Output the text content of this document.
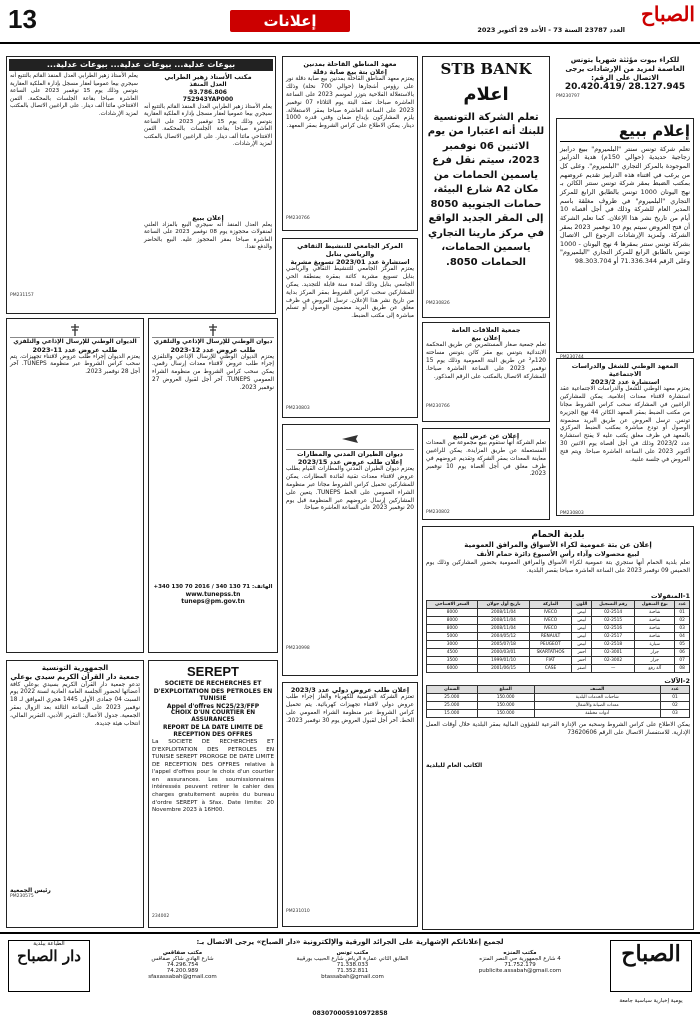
13	إعلانات	العدد 23787 السنة 73 - الأحد 29 أكتوبر 2023
الصباح
للكراء بيوت مؤثثة شهريا بتونس
العاصمة لمزيد من الإرشادات يرجى
الاتصال على الرقم:
20.420.419/ 28.127.945
PM230797
إعلام ببيع
تعلم شركة تونس سنتر "البلميروم" ببيع درابيز زجاجية حديدية (حوالي 150م) هدية الدرابيز الموجودة بالمركز التجاري "البلميروم". وعلى كل من يرغب في اقتناء هذه الدرابيز تقديم عروضهم بمكتب الضبط بمقر شركة تونس سنتر الكائن بـ نهج اليونان 1000 تونس بالطابق الرابع للمركز التجاري "البلميروم" في ظروف مغلقة باسم المدير العام للشركة وذلك في أجل أقصاه 10 أيام من تاريخ نشر هذا الإعلان. كما تعلم الشركة أن فتح العروض سيتم يوم 10 نوفمبر 2023 بمقر الشركة. ولمزيد الإرشادات الرجوع الى الاتصال بشركة تونس سنتر بمقرها 4 نهج اليونان - 1000 تونس بالطابق الرابع للمركز التجاري "البلميروم" وعلى الرقم 71.336.344 أو 98.303.704
المعهد الوطني للشغل والدراسات الاجتماعية
استشارة عدد 2023/2
يعتزم معهد الوطني للشغل والدراسات الاجتماعية عقد استشارة لاقتناء معدات إعلامية. يمكن للمشاركين الراغبين في المشاركة سحب كراس الشروط مجانا من مكتب الضبط بمقر المعهد الكائن 44 نهج الجزيرة تونس. ترسل العروض عن طريق البريد مضمونة الوصول أو تودع مباشرة بمكتب الضبط المركزي بالمعهد في ظرف مغلق يكتب عليه لا يفتح استشارة عدد 2023/2 وذلك في أجل أقصاه يوم الاثنين 30 أكتوبر 2023 على الساعة العاشرة صباحا. ويتم فتح العروض في جلسة علنية.
PM230803
STB BANK
اعلام
تعلم الشركة التونسية للبنك أنه اعتبارا من يوم الاثنين 06 نوفمبر 2023، سيتم نقل فرع ياسمين الحمامات من مكان A2 شارع البيئة، حمامات الجنوبية 8050 إلى المقر الجديد الواقع في مركز مارينا التجاري ياسمين الحمامات، الحمامات 8050.
PM230826
معهد المناطق القاحلة بمدنين
إعلان بتة بيع صابة دقلة
يعتزم معهد المناطق القاحلة بمدنين بيع صابة دقلة نور على رؤوس أشجارها (حوالي 700 نخلة) وذلك بالاستغلالة الفلاحية بتوزر لموسم 2023 على الساعة العاشرة صباحا. تعقد البتة يوم الثلاثاء 07 نوفمبر 2023 على الساعة العاشرة صباحا بمقر الاستغلالة. يلزم المشاركون بإيداع ضمان وقتي قدره 1000 دينار. يمكن الاطلاع على كراس الشروط بمقر المعهد.
PM230766
المركز الجامعي للتنشيط الثقافي والرياضي بنابل
استشارة عدد 2023/01 تسويغ مشربة
يعتزم المركز الجامعي للتنشيط الثقافي والرياضي بنابل تسويغ مشربة كائنة بمقره بمنطقة الحي الجامعي بنابل وذلك لمدة سنة قابلة للتجديد. يمكن للمشاركين سحب كراس الشروط بمقر المركز بداية من تاريخ نشر هذا الإعلان. ترسل العروض في ظرف مغلق عن طريق البريد مضمون الوصول أو تسلم مباشرة إلى مكتب الضبط.
PM230803
جمعية العلاقات العامة
إعلان بيع
تعلم جمعية صغار المستثمرين عن طريق المحكمة الابتدائية بتونس بيع مقر كائن بتونس مساحته 120م² عن طريق البتة العمومية وذلك يوم 15 نوفمبر 2023 على الساعة العاشرة صباحا. للمشاركة الاتصال بالمكتب على الرقم المذكور.
PM230766
إعلان عن عرض للبيع
تعلم الشركة أنها ستقوم ببيع مجموعة من المعدات المستعملة عن طريق المزايدة. يمكن للراغبين معاينة المعدات بمقر الشركة وتقديم عروضهم في ظرف مغلق في أجل أقصاه يوم 10 نوفمبر 2023.
PM230802
ديوان الطيران المدني والمطارات
إعلان طلب عروض عدد 2023/15
يعتزم ديوان الطيران المدني والمطارات القيام بطلب عروض لاقتناء معدات تقنية لفائدة المطارات. يمكن للمشاركين تحميل كراس الشروط مجانا عبر منظومة الشراء العمومي على الخط TUNEPS. يتعين على المشاركين إرسال عروضهم عبر المنظومة قبل يوم 20 نوفمبر 2023 على الساعة العاشرة صباحا.
PM230998
إعلان طلب عروض دولي عدد 2023/3
تعتزم الشركة التونسية للكهرباء والغاز إجراء طلب عروض دولي لاقتناء تجهيزات كهربائية. يتم تحميل كراس الشروط عبر منظومة الشراء العمومي على الخط. آخر أجل لقبول العروض يوم 30 نوفمبر 2023.
PM231010
بلدية الحمام
إعلان عن بتة عمومية لكراء الأسواق والمرافق العمومية
لبيع محصولات وآداء رأس الأسبوع دائرة حمام الأنف
تعلم بلدية الحمام أنها ستجري بتة عمومية لكراء الأسواق والمرافق العمومية بحضور المشاركين وذلك يوم الخميس 09 نوفمبر 2023 على الساعة العاشرة صباحا بقصر البلدية.
1-المنقولات
عدد	نوع المنقول	رقم التسجيل	اللون	الماركة	تاريخ أول جولان	السعر الافتتاحي
01	شاحنة	02-2514	أبيض	IVECO	2008/11/04	8000
02	شاحنة	02-2515	أبيض	IVECO	2008/11/04	8000
03	شاحنة	02-2516	أبيض	IVECO	2008/11/04	8000
04	شاحنة	02-2517	أبيض	RENAULT	2004/05/12	5000
05	سيارة	02-2518	أبيض	PEUGEOT	2005/07/18	3000
06	جرار	02-3001	أحمر	SKARTATHOS	2000/03/01	4500
07	جرار	02-3002	أحمر	FIAT	1999/01/10	3500
08	آلة رفع	—	أصفر	CASE	2001/06/15	6000
2-الآلات
عدد	الصنف	المبلغ	الضمان
01	شاحنات الخدمات البلدية	150.000	25.000
02	معدات الصيانة والأشغال	150.000	25.000
03	أدوات مختلفة	150.000	15.000
يمكن الاطلاع على كراس الشروط وسحبه من الإدارة الفرعية للشؤون المالية بمقر البلدية خلال أوقات العمل الإدارية. للاستفسار الاتصال على الرقم 73620606
الكاتب العام للبلدية
ديوان الوطني للإرسال الإذاعي والتلفزي
طلب عروض عدد 12-2023
يعتزم الديوان الوطني للإرسال الإذاعي والتلفزي إجراء طلب عروض لاقتناء معدات إرسال رقمي. يمكن سحب كراس الشروط من منظومة الشراء العمومي TUNEPS. آخر أجل لقبول العروض 27 نوفمبر 2023.
الهاتف: 71 130 340 / 2016 70 130 340+
www.tunepss.tn
tuneps@pm.gov.tn
SEREPT
SOCIETE DE RECHERCHES ET D'EXPLOITATION DES PETROLES EN TUNISIE
Appel d'offres NC25/23/FFP
CHOIX D'UN COURTIER EN ASSURANCES
REPORT DE LA DATE LIMITE DE RECEPTION DES OFFRES
La SOCIETE DE RECHERCHES ET D'EXPLOITATION DES PETROLES EN TUNISIE SEREPT PROROGE DE DATE LIMITE DE RECEPTION DES OFFRES relative à l'appel d'offres pour le choix d'un courtier en assurances. Les soumissionnaires intéressés peuvent retirer le cahier des charges gratuitement auprès du bureau d'ordre SEREPT à Sfax. Date limite: 20 Novembre 2023 à 16H00.
234002
بيوعات عدلية... بيوعات عدلية... بيوعات عدلية...
مكتب الأستاذ زهير الطرابي
العدل المنفذ
93.786.806
752943YAP000
يعلم الأستاذ زهير الطرابي العدل المنفذ القائم بالتتبع أنه سيجري بيعا عموميا لعقار مسجل بإدارة الملكية العقارية بتونس وذلك يوم 15 نوفمبر 2023 على الساعة العاشرة صباحا بقاعة الجلسات بالمحكمة. الثمن الافتتاحي مائتا ألف دينار. على الراغبين الاتصال بالمكتب لمزيد الإرشادات.
إعلان ببيع
يعلم العدل المنفذ أنه سيجري البيع بالمزاد العلني لمنقولات محجوزة يوم 08 نوفمبر 2023 على الساعة العاشرة صباحا بمقر المحجوز عليه. البيع بالحاضر والدفع نقدا.
يعلم الأستاذ زهير الطرابي العدل المنفذ القائم بالتتبع أنه سيجري بيعا عموميا لعقار مسجل بإدارة الملكية العقارية بتونس وذلك يوم 15 نوفمبر 2023 على الساعة العاشرة صباحا بقاعة الجلسات بالمحكمة. الثمن الافتتاحي مائتا ألف دينار. على الراغبين الاتصال بالمكتب لمزيد الإرشادات.
PM231157
الديوان الوطني للإرسال الإذاعي والتلفزي
طلب عروض عدد 11-2023
يعتزم الديوان إجراء طلب عروض لاقتناء تجهيزات. يتم سحب كراس الشروط عبر منظومة TUNEPS. آخر أجل 28 نوفمبر 2023.
الجمهورية التونسية
جمعية دار القرآن الكريم سيدي بوعلي
تدعو جمعية دار القرآن الكريم بسيدي بوعلي كافة أعضائها لحضور الجلسة العامة العادية لسنة 2022 يوم السبت 04 جمادى الأولى 1445 هجري الموافق لـ 18 نوفمبر 2023 على الساعة الثالثة بعد الزوال بمقر الجمعية. جدول الأعمال: التقرير الأدبي، التقرير المالي، انتخاب هيئة جديدة.
رئيس الجمعية
PM230575
الصباح
يومية إخبارية سياسية جامعة
لجميع إعلاناتكم الإشهارية على الجرائد الورقية والإلكترونية «دار الصباح» يرجى الاتصال بـ:
مكتب المنزه
4 شارع الجمهورية حي النصر المنزه
71.752.179
publicite.assabah@gmail.com
مكتب تونس
الطابق الثاني عمارة الرياض شارع الحبيب بورقيبة
71.338.033
71.352.811
btassabah@gmail.com
مكتب صفاقس
شارع الهادي شاكر صفاقس
74.296.754
74.200.989
sfaxassabah@gmail.com
083070005910972858
الطباعة ببلدية
دار الصباح
